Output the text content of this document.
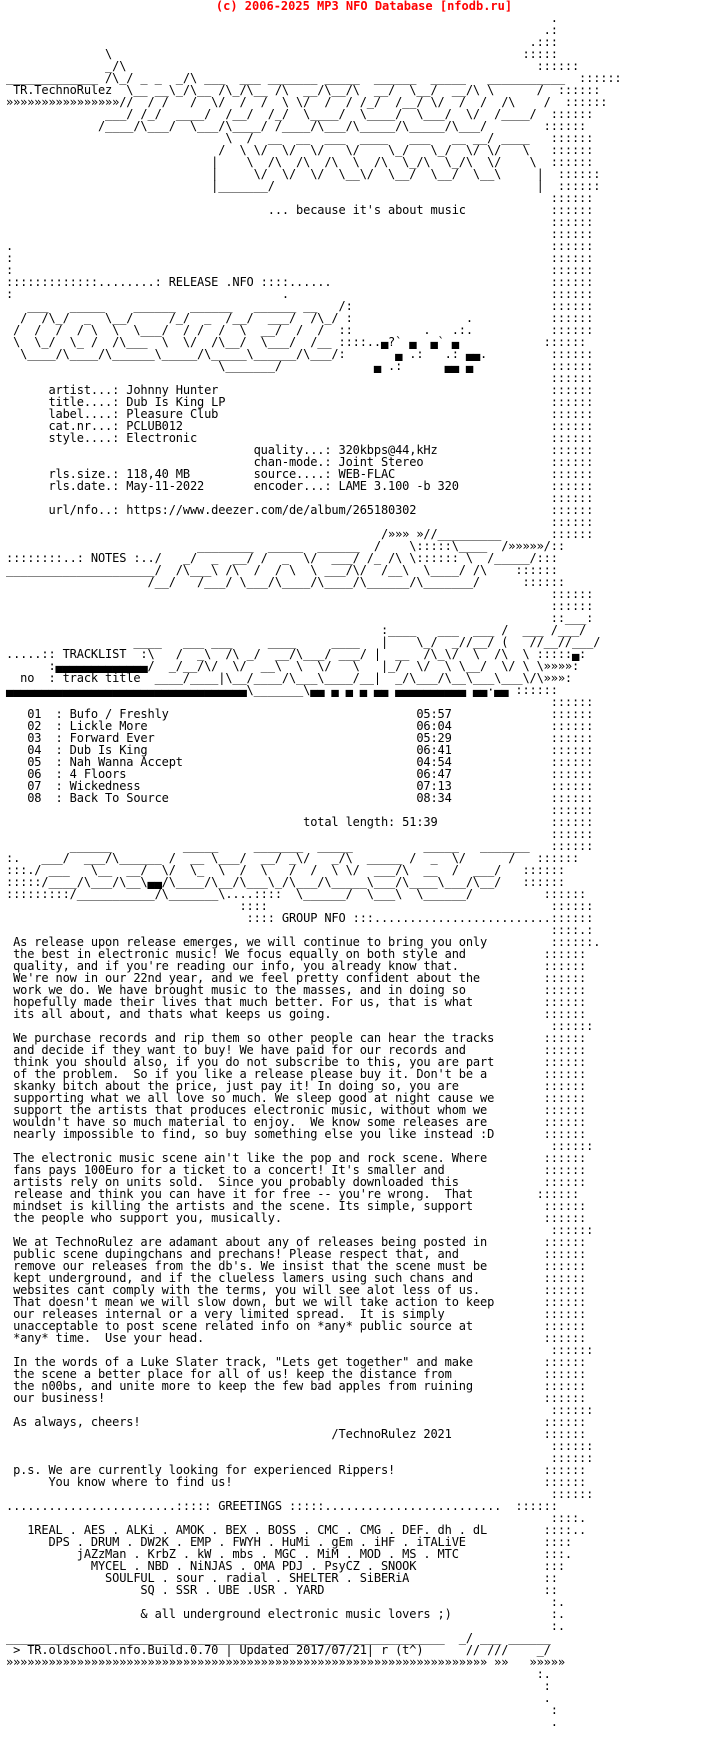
(c) 2006-2025 MP3 NFO Database [nfodb.ru]
.
.:
.:::
\                                                          :::::
_/\                                                          ::::::
_____________ /\_/ _ _  _/\ ___  ___ _______ _____  ______  _____   ___________  ::::::
TR.TechnoRulez  \__ __\_/\__ /\_/\__ /\  __/\__/\  __/  \__/  __/\ \      /  ::::::
»»»»»»»»»»»»»»»»//  / /   /  \/  /  /  \ \/  /  / /_/  /__/ \/  /  /  /\    /  ::::::
___/ /_/  ____/  /__/  /_/  \____/  \____/  \___/  \/  /____/  ::::::
/____/\___/  \___/\____/ /____/\___/\_____/\_____/\___/        ::::::
\  /  __  __  ___  ____   ___   __ __/ ____   ::::::
/  \ \/  \/  \/   \/    \_/   \_/  \/ \/   \   ::::::
|    \  /\  /\  /\  \  /\  \_/\  \_/\  \/    \  ::::::
|     \/  \/  \/  \__\/  \__/  \__/  \__\     |  ::::::
|_______/                                     |  ::::::
::::::
... because it's about music            ::::::
::::::
::::::
.                                                                            ::::::
:                                                                            ::::::
:                                                                            ::::::
:::::::::::::........: RELEASE .NFO ::::......                               ::::::
:                                      .                                     ::::::
___   _____    ______  ______   ______ __   /:                            ::::::
/  /\_/  _  \__/     /_/  _  /__/  ___/  /\_/ :                .           ::::::
/  /  /  / \  \  \___/  / /  /  \  __/  /  /  ::          .   .:.           ::::::
\  \_/  \_ /  /\___  \  \/  /\__/  \___/  /__ ::::..▄?` ▄  ▄` ▄            ::::::
\____/\____/\______\_____/\_____\______/\___/:       ▄ .:   .: ▄▄.         ::::::
\_______/             ▄ .:      ▄▄ ▄           ::::::
::::::
artist...: Johnny Hunter                                               ::::::
title....: Dub Is King LP                                              ::::::
label....: Pleasure Club                                               ::::::
cat.nr...: PCLUB012                                                    ::::::
style....: Electronic                                                  ::::::
quality...: 320kbps@44,kHz                ::::::
chan-mode.: Joint Stereo                  ::::::
rls.size.: 118,40 MB         source....: WEB-FLAC                      ::::::
rls.date.: May-11-2022       encoder...: LAME 3.100 -b 320             ::::::
::::::
url/nfo..: https://www.deezer.com/de/album/265180302                   ::::::
::::::
/»»» »//_________       ::::::
________  _____  ______  /    \:::::\____  /»»»»»/::
::::::::..: NOTES :../   _/  _  __/ /  _  \/  ___/ /_ /\ \:::::: \  /_____/:::
_____________________/  /\___\ /\  /  / \  \ ___/\/  /__\  \____/ /\    ::::::
/__/   /___/ \___/\____/\____/\______/\_______/      ::::::
::::::
::::::
::___:
:____   ___  ___ /  ___ /___/
____   ___ ___     ____     ____   |    \_/  _//__/ (   //__//___/
.....:: TRACKLIST  :\   /  _\  /\ _/  __/\___/ ___/ |  __  /\_\/  \  /\  \ :::::▄:
:▄▄▄▄▄▄▄▄▄▄▄▄▄/  _/__/\/  \/  __\  \  \/   \   |_/  \/  \ \__/  \/ \ \»»»»:
no  : track title  ____/____|\__/____/\___\____/__|  _/\___/\__\___\___\/\»»»:
▄▄▄▄▄▄▄▄▄▄▄▄▄▄▄▄▄▄▄▄▄▄▄▄▄▄▄▄▄▄▄▄▄▄\_______\▄▄ ▄ ▄ ▄ ▄▄ ▄▄▄▄▄▄▄▄▄▄ ▄▄·▄▄ ::::::
::::::
01  : Bufo / Freshly                                   05:57              ::::::
02  : Lickle More                                      06:04              ::::::
03  : Forward Ever                                     05:29              ::::::
04  : Dub Is King                                      06:41              ::::::
05  : Nah Wanna Accept                                 04:54              ::::::
06  : 4 Floors                                         06:47              ::::::
07  : Wickedness                                       07:13              ::::::
08  : Back To Source                                   08:34              ::::::
::::::
total length: 51:39                ::::::
::::::
______          _____     _______  _____          _____   _______   ::::::
:.   ___/  ___/\______ /  __ \___/  __/ _\/   _/\  _____ /  _  \/      /   ::::::
:::./ ___   \__  __/  \/  \_  \  /  \   /  /  \ \/  ___/\  __  /  ___/   ::::::
:::::/____/\___/\__\▄▄/\____/\__/\___\_/\___/\_____\___/\____\___/\__/   ::::::
:::::::::/___________/\_______\....::::  \______/  \___\  \______/          ::::::
::::                                        ::::::
:::: GROUP NFO :::.........................::::::
::::.:
As release upon release emerges, we will continue to bring you only         ::::::.
the best in electronic music! We focus equally on both style and           ::::::
quality, and if you're reading our info, you already know that.            ::::::
We're now in our 22nd year, and we feel pretty confident about the         ::::::
work we do. We have brought music to the masses, and in doing so           ::::::
hopefully made their lives that much better. For us, that is what          ::::::
its all about, and thats what keeps us going.                              ::::::
::::::
We purchase records and rip them so other people can hear the tracks       ::::::
and decide if they want to buy! We have paid for our records and           ::::::
think you should also, if you do not subscribe to this, you are part       ::::::
of the problem.  So if you like a release please buy it. Don't be a        ::::::
skanky bitch about the price, just pay it! In doing so, you are            ::::::
supporting what we all love so much. We sleep good at night cause we       ::::::
support the artists that produces electronic music, without whom we        ::::::
wouldn't have so much material to enjoy.  We know some releases are        ::::::
nearly impossible to find, so buy something else you like instead :D       ::::::
::::::
The electronic music scene ain't like the pop and rock scene. Where        ::::::
fans pays 100Euro for a ticket to a concert! It's smaller and              ::::::
artists rely on units sold.  Since you probably downloaded this            ::::::
release and think you can have it for free -- you're wrong.  That         ::::::
mindset is killing the artists and the scene. Its simple, support          ::::::
the people who support you, musically.                                     ::::::
::::::
We at TechnoRulez are adamant about any of releases being posted in        ::::::
public scene dupingchans and prechans! Please respect that, and            ::::::
remove our releases from the db's. We insist that the scene must be        ::::::
kept underground, and if the clueless lamers using such chans and          ::::::
websites cant comply with the terms, you will see alot less of us.         ::::::
That doesn't mean we will slow down, but we will take action to keep       ::::::
our releases internal or a very limited spread.  It is simply              ::::::
unacceptable to post scene related info on *any* public source at          ::::::
*any* time.  Use your head.                                                ::::::
::::::
In the words of a Luke Slater track, "Lets get together" and make          ::::::
the scene a better place for all of us! keep the distance from             ::::::
the n00bs, and unite more to keep the few bad apples from ruining          ::::::
our business!                                                              ::::::
::::::
As always, cheers!                                                         ::::::
/TechnoRulez 2021             ::::::
::::::
::::::
p.s. We are currently looking for experienced Rippers!                     ::::::
You know where to find us!                                            ::::::
::::::
........................::::: GREETINGS :::::.........................  ::::::
::::.
1REAL . AES . ALKi . AMOK . BEX . BOSS . CMC . CMG . DEF. dh . dL        ::::..
DPS . DRUM . DW2K . EMP . FWYH . HuMi . gEm . iHF . iTALiVE           ::::
jAZzMan . KrbZ . kW . mbs . MGC . MiM . MOD . MS . MTC            :::.
MYCEL . NBD . NiNJAS . OMA PDJ . PsyCZ . SNOOK                  :::
SOULFUL . sour . radial . SHELTER . SiBERiA                   ::
SQ . SSR . UBE .USR . YARD                               ::
:.
& all underground electronic music lovers ;)              :.
:.
______________________________________________________________  _/ ___ ______
> TR.oldschool.nfo.Build.0.70 | Updated 2017/07/21| r (t^)      // ///    _/
»»»»»»»»»»»»»»»»»»»»»»»»»»»»»»»»»»»»»»»»»»»»»»»»»»»»»»»»»»»»»»»»»»»» »»   »»»»»
:.
:
.
:
.
